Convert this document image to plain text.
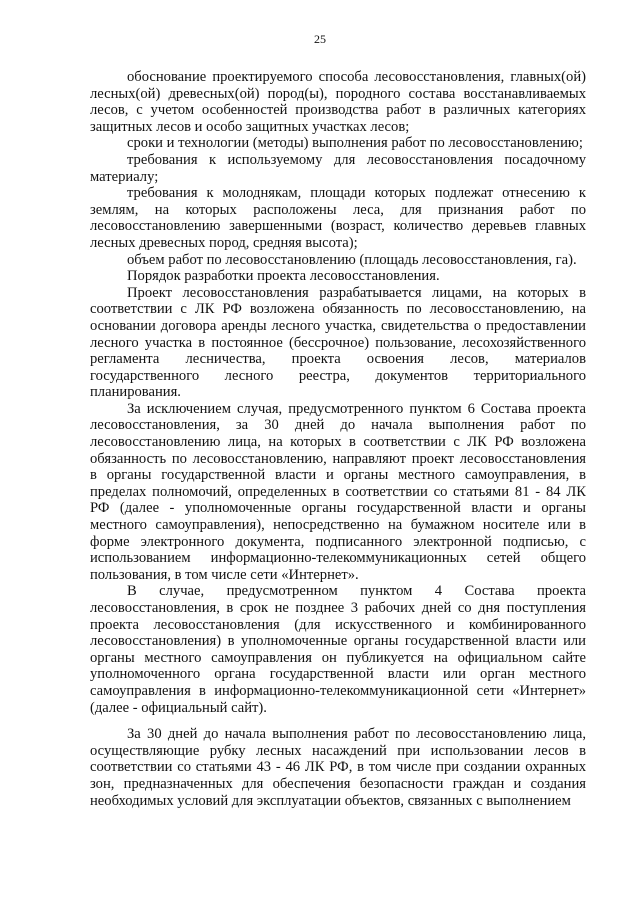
25

обоснование проектируемого способа лесовосстановления, главных(ой) лесных(ой) древесных(ой) пород(ы), породного состава восстанавливаемых лесов, с учетом особенностей производства работ в различных категориях защитных лесов и особо защитных участках лесов;

сроки и технологии (методы) выполнения работ по лесовосстановлению;

требования к используемому для лесовосстановления посадочному материалу;

требования к молоднякам, площади которых подлежат отнесению к землям, на которых расположены леса, для признания работ по лесовосстановлению завершенными (возраст, количество деревьев главных лесных древесных пород, средняя высота);

объем работ по лесовосстановлению (площадь лесовосстановления, га).

Порядок разработки проекта лесовосстановления.

Проект лесовосстановления разрабатывается лицами, на которых в соответствии с ЛК РФ возложена обязанность по лесовосстановлению, на основании договора аренды лесного участка, свидетельства о предоставлении лесного участка в постоянное (бессрочное) пользование, лесохозяйственного регламента лесничества, проекта освоения лесов, материалов государственного лесного реестра, документов территориального планирования.

За исключением случая, предусмотренного пунктом 6 Состава проекта лесовосстановления, за 30 дней до начала выполнения работ по лесовосстановлению лица, на которых в соответствии с ЛК РФ возложена обязанность по лесовосстановлению, направляют проект лесовосстановления в органы государственной власти и органы местного самоуправления, в пределах полномочий, определенных в соответствии со статьями 81 - 84 ЛК РФ (далее - уполномоченные органы государственной власти и органы местного самоуправления), непосредственно на бумажном носителе или в форме электронного документа, подписанного электронной подписью, с использованием информационно-телекоммуникационных сетей общего пользования, в том числе сети «Интернет».

В случае, предусмотренном пунктом 4 Состава проекта лесовосстановления, в срок не позднее 3 рабочих дней со дня поступления проекта лесовосстановления (для искусственного и комбинированного лесовосстановления) в уполномоченные органы государственной власти или органы местного самоуправления он публикуется на официальном сайте уполномоченного органа государственной власти или орган местного самоуправления в информационно-телекоммуникационной сети «Интернет» (далее - официальный сайт).

За 30 дней до начала выполнения работ по лесовосстановлению лица, осуществляющие рубку лесных насаждений при использовании лесов в соответствии со статьями 43 - 46 ЛК РФ, в том числе при создании охранных зон, предназначенных для обеспечения безопасности граждан и создания необходимых условий для эксплуатации объектов, связанных с выполнением
